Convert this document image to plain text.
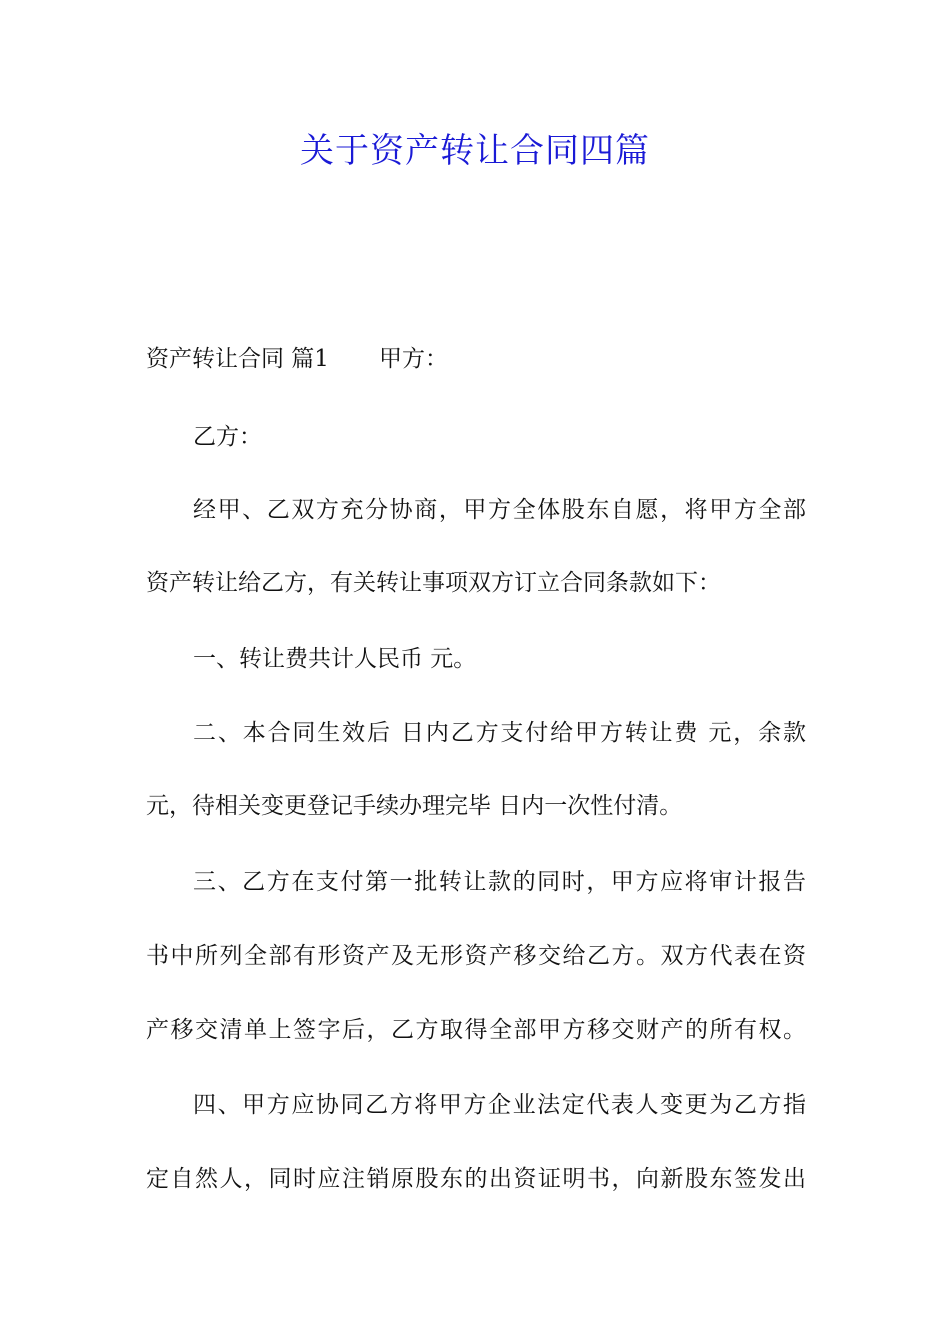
关于资产转让合同四篇
资产转让合同 篇1 甲方：
乙方：
经甲、乙双方充分协商，甲方全体股东自愿，将甲方全部
资产转让给乙方，有关转让事项双方订立合同条款如下：
一、转让费共计人民币 元。
二、本合同生效后 日内乙方支付给甲方转让费 元，余款
元，待相关变更登记手续办理完毕 日内一次性付清。
三、乙方在支付第一批转让款的同时，甲方应将审计报告
书中所列全部有形资产及无形资产移交给乙方。双方代表在资
产移交清单上签字后，乙方取得全部甲方移交财产的所有权。
四、甲方应协同乙方将甲方企业法定代表人变更为乙方指
定自然人，同时应注销原股东的出资证明书，向新股东签发出
